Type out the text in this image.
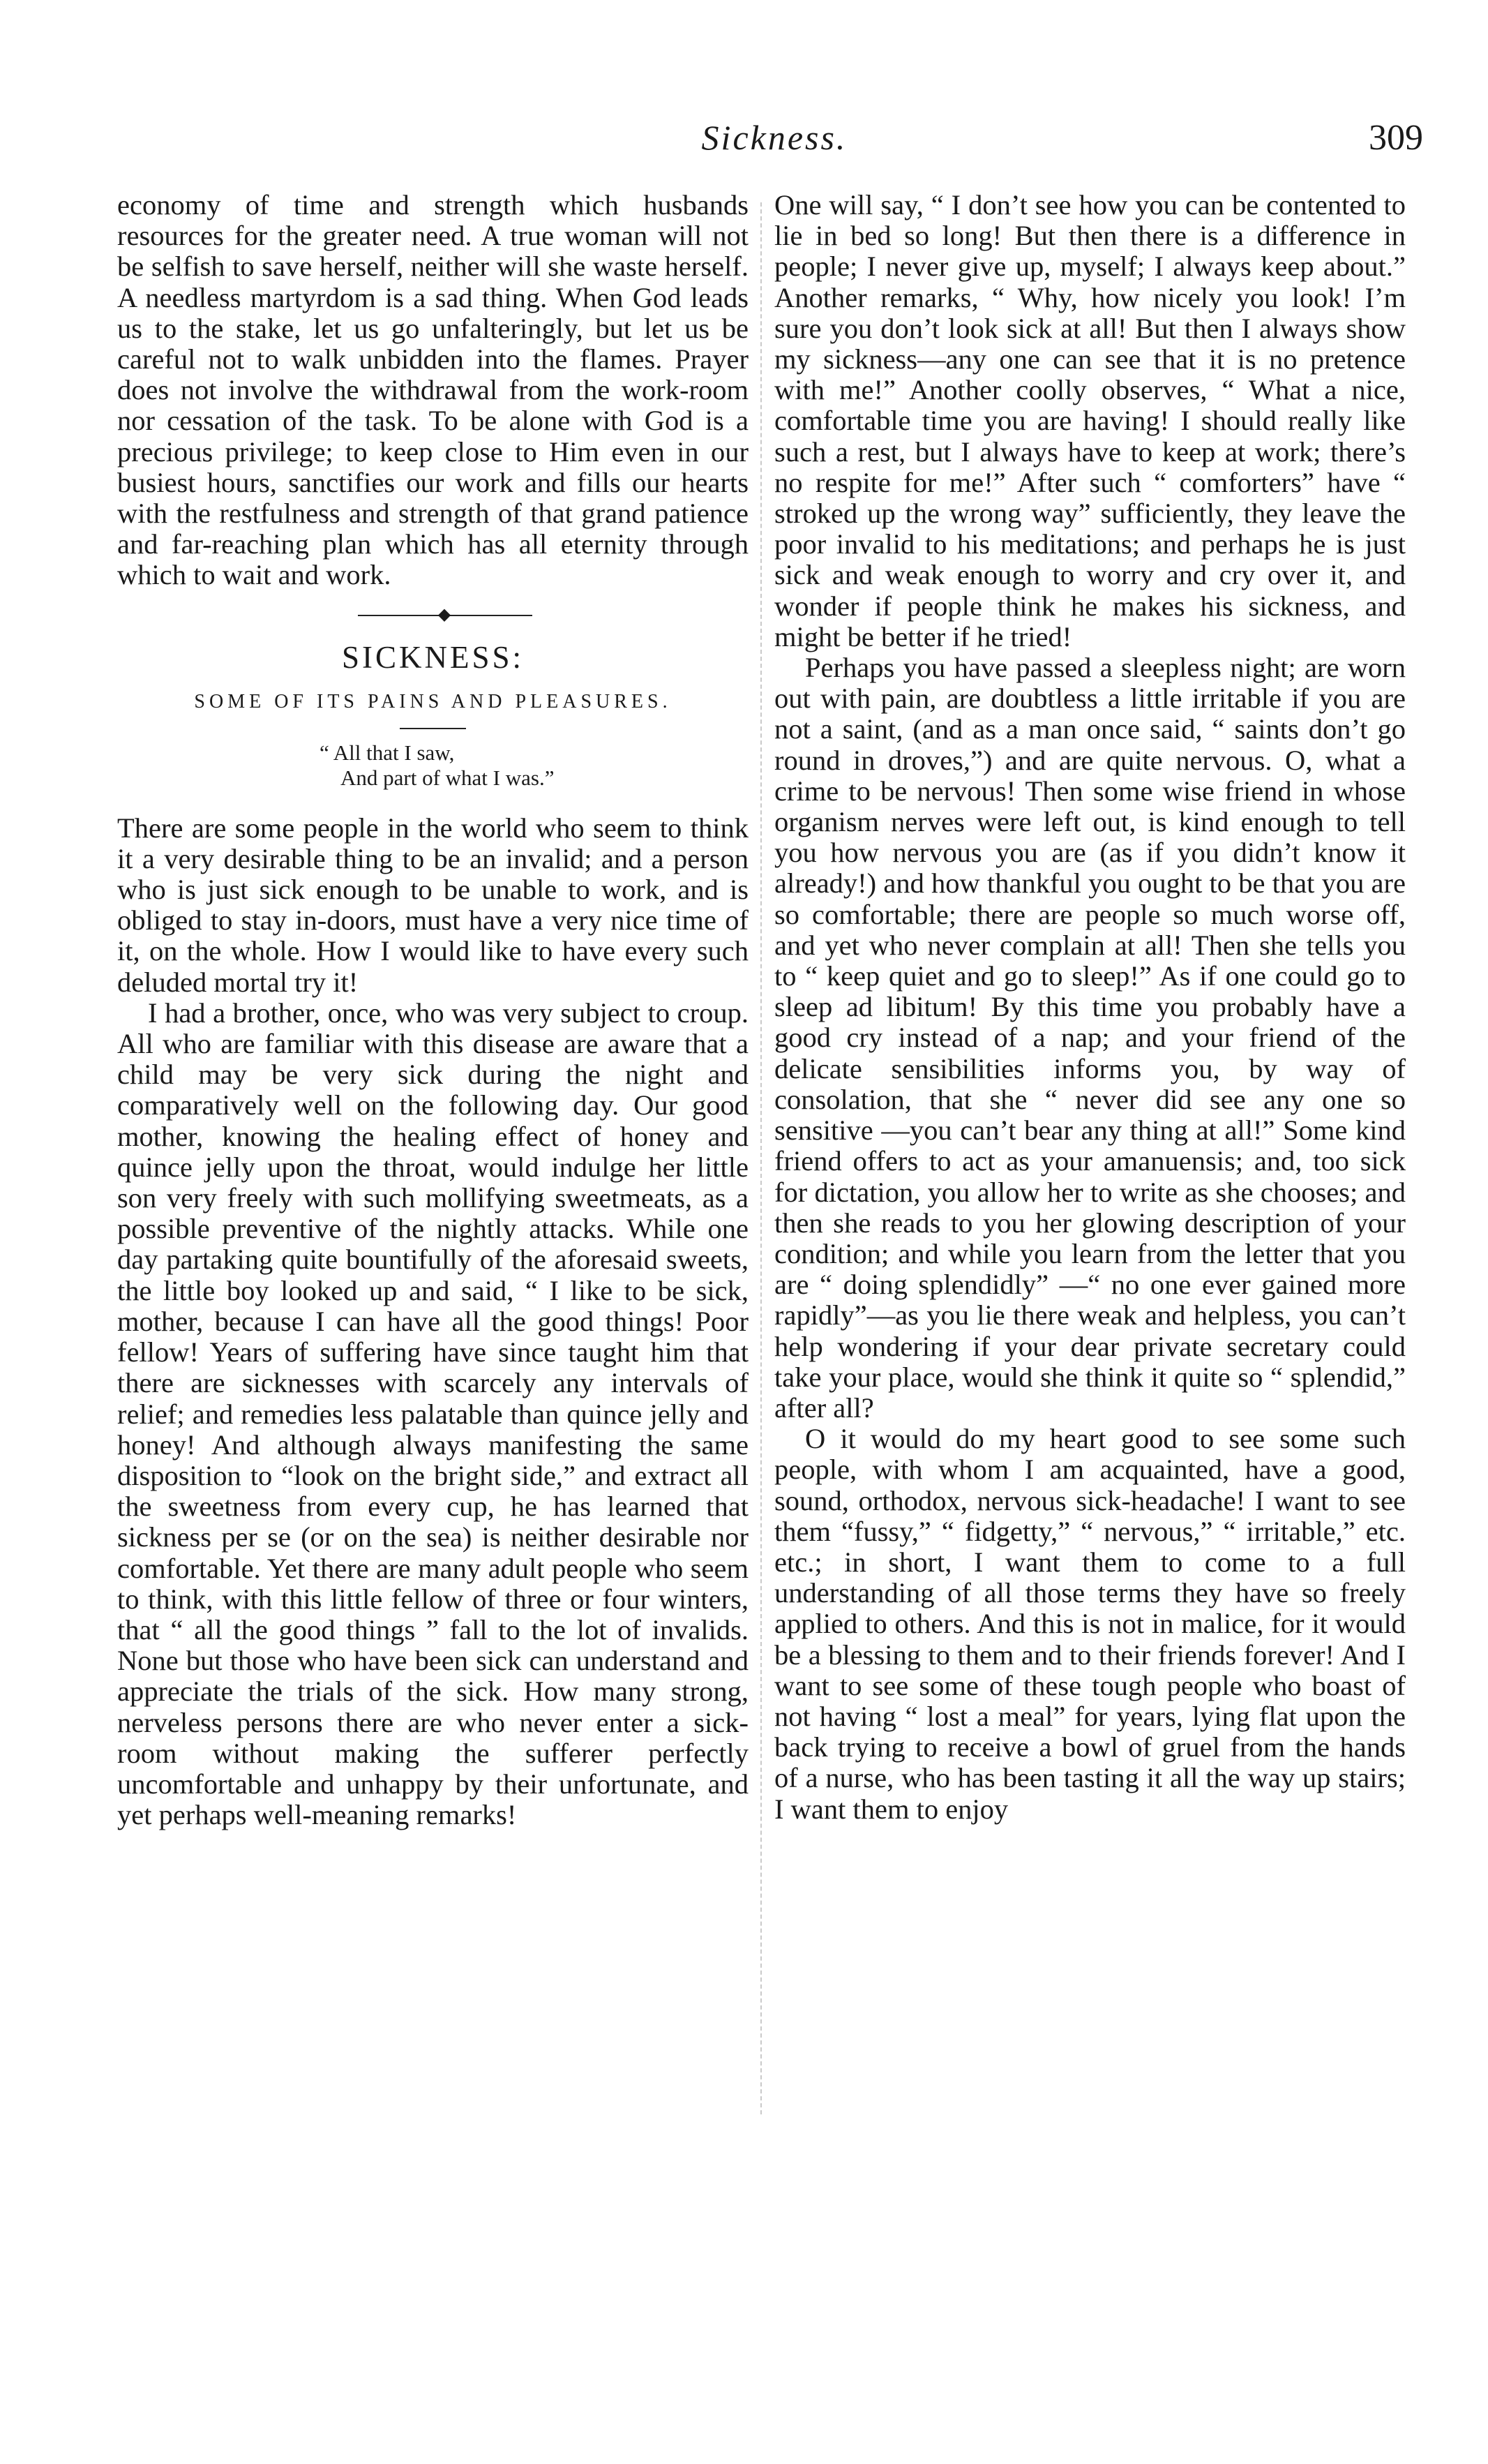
Sickness.	309

economy of time and strength which husbands resources for the greater need. A true woman will not be selfish to save herself, neither will she waste herself. A needless martyrdom is a sad thing. When God leads us to the stake, let us go unfalteringly, but let us be careful not to walk unbidden into the flames. Prayer does not involve the withdrawal from the work-room nor cessation of the task. To be alone with God is a precious privilege; to keep close to Him even in our busiest hours, sanctifies our work and fills our hearts with the restfulness and strength of that grand patience and far-reaching plan which has all eternity through which to wait and work.

◆
SICKNESS:
SOME OF ITS PAINS AND PLEASURES.
“ All that I saw,
And part of what I was.”

There are some people in the world who seem to think it a very desirable thing to be an invalid; and a person who is just sick enough to be unable to work, and is obliged to stay in-doors, must have a very nice time of it, on the whole. How I would like to have every such deluded mortal try it!

I had a brother, once, who was very subject to croup. All who are familiar with this disease are aware that a child may be very sick during the night and comparatively well on the following day. Our good mother, knowing the healing effect of honey and quince jelly upon the throat, would indulge her little son very freely with such mollifying sweetmeats, as a possible preventive of the nightly attacks. While one day partaking quite bountifully of the aforesaid sweets, the little boy looked up and said, “ I like to be sick, mother, because I can have all the good things! Poor fellow! Years of suffering have since taught him that there are sicknesses with scarcely any intervals of relief; and remedies less palatable than quince jelly and honey! And although always manifesting the same disposition to “look on the bright side,” and extract all the sweetness from every cup, he has learned that sickness per se (or on the sea) is neither desirable nor comfortable. Yet there are many adult people who seem to think, with this little fellow of three or four winters, that “ all the good things ” fall to the lot of invalids. None but those who have been sick can understand and appreciate the trials of the sick. How many strong, nerveless persons there are who never enter a sick-room without making the sufferer perfectly uncomfortable and unhappy by their unfortunate, and yet perhaps well-meaning remarks!

One will say, “ I don’t see how you can be contented to lie in bed so long! But then there is a difference in people; I never give up, myself; I always keep about.” Another remarks, “ Why, how nicely you look! I’m sure you don’t look sick at all! But then I always show my sickness—any one can see that it is no pretence with me!” Another coolly observes, “ What a nice, comfortable time you are having! I should really like such a rest, but I always have to keep at work; there’s no respite for me!” After such “ comforters” have “ stroked up the wrong way” sufficiently, they leave the poor invalid to his meditations; and perhaps he is just sick and weak enough to worry and cry over it, and wonder if people think he makes his sickness, and might be better if he tried!

Perhaps you have passed a sleepless night; are worn out with pain, are doubtless a little irritable if you are not a saint, (and as a man once said, “ saints don’t go round in droves,”) and are quite nervous. O, what a crime to be nervous! Then some wise friend in whose organism nerves were left out, is kind enough to tell you how nervous you are (as if you didn’t know it already!) and how thankful you ought to be that you are so comfortable; there are people so much worse off, and yet who never complain at all! Then she tells you to “ keep quiet and go to sleep!” As if one could go to sleep ad libitum! By this time you probably have a good cry instead of a nap; and your friend of the delicate sensibilities informs you, by way of consolation, that she “ never did see any one so sensitive —you can’t bear any thing at all!” Some kind friend offers to act as your amanuensis; and, too sick for dictation, you allow her to write as she chooses; and then she reads to you her glowing description of your condition; and while you learn from the letter that you are “ doing splendidly” —“ no one ever gained more rapidly”—as you lie there weak and helpless, you can’t help wondering if your dear private secretary could take your place, would she think it quite so “ splendid,” after all?

O it would do my heart good to see some such people, with whom I am acquainted, have a good, sound, orthodox, nervous sick-headache! I want to see them “fussy,” “ fidgetty,” “ nervous,” “ irritable,” etc. etc.; in short, I want them to come to a full understanding of all those terms they have so freely applied to others. And this is not in malice, for it would be a blessing to them and to their friends forever! And I want to see some of these tough people who boast of not having “ lost a meal” for years, lying flat upon the back trying to receive a bowl of gruel from the hands of a nurse, who has been tasting it all the way up stairs; I want them to enjoy
